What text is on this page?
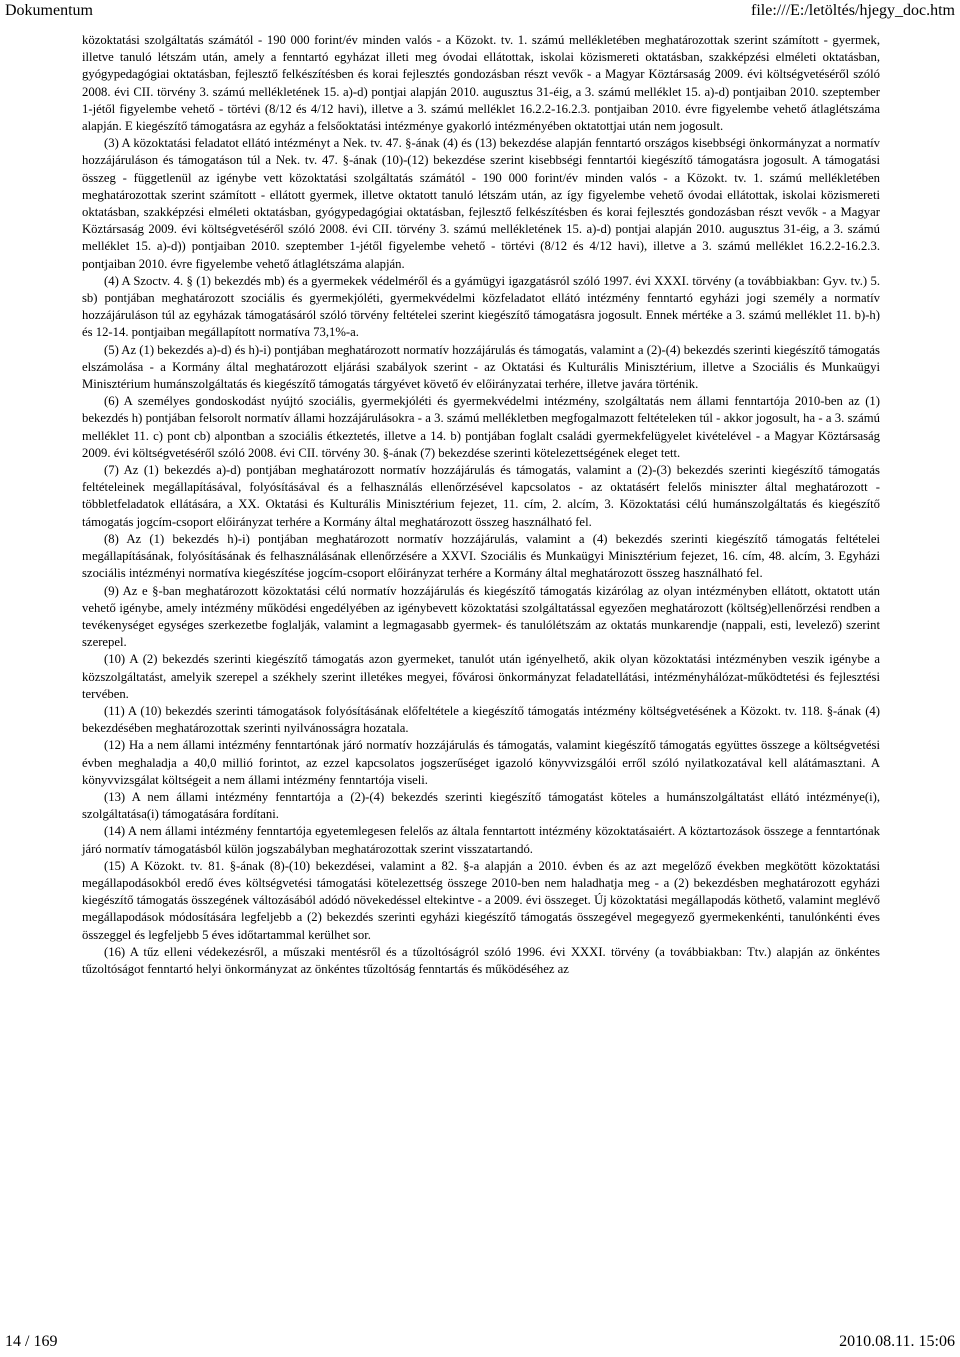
Dokumentum	file:///E:/letöltés/hjegy_doc.htm

közoktatási szolgáltatás számától - 190 000 forint/év minden valós - a Közokt. tv. 1. számú mellékletében meghatározottak szerint számított - gyermek, illetve tanuló létszám után, amely a fenntartó egyházat illeti meg óvodai ellátottak, iskolai közismereti oktatásban, szakképzési elméleti oktatásban, gyógypedagógiai oktatásban, fejlesztő felkészítésben és korai fejlesztés gondozásban részt vevők - a Magyar Köztársaság 2009. évi költségvetéséről szóló 2008. évi CII. törvény 3. számú mellékletének 15. a)-d) pontjai alapján 2010. augusztus 31-éig, a 3. számú melléklet 15. a)-d) pontjaiban 2010. szeptember 1-jétől figyelembe vehető - törtévi (8/12 és 4/12 havi), illetve a 3. számú melléklet 16.2.2-16.2.3. pontjaiban 2010. évre figyelembe vehető átlaglétszáma alapján. E kiegészítő támogatásra az egyház a felsőoktatási intézménye gyakorló intézményében oktatottjai után nem jogosult.

(3) A közoktatási feladatot ellátó intézményt a Nek. tv. 47. §-ának (4) és (13) bekezdése alapján fenntartó országos kisebbségi önkormányzat a normatív hozzájáruláson és támogatáson túl a Nek. tv. 47. §-ának (10)-(12) bekezdése szerint kisebbségi fenntartói kiegészítő támogatásra jogosult. A támogatási összeg - függetlenül az igénybe vett közoktatási szolgáltatás számától - 190 000 forint/év minden valós - a Közokt. tv. 1. számú mellékletében meghatározottak szerint számított - ellátott gyermek, illetve oktatott tanuló létszám után, az így figyelembe vehető óvodai ellátottak, iskolai közismereti oktatásban, szakképzési elméleti oktatásban, gyógypedagógiai oktatásban, fejlesztő felkészítésben és korai fejlesztés gondozásban részt vevők - a Magyar Köztársaság 2009. évi költségvetéséről szóló 2008. évi CII. törvény 3. számú mellékletének 15. a)-d) pontjai alapján 2010. augusztus 31-éig, a 3. számú melléklet 15. a)-d)) pontjaiban 2010. szeptember 1-jétől figyelembe vehető - törtévi (8/12 és 4/12 havi), illetve a 3. számú melléklet 16.2.2-16.2.3. pontjaiban 2010. évre figyelembe vehető átlaglétszáma alapján.

(4) A Szoctv. 4. § (1) bekezdés mb) és a gyermekek védelméről és a gyámügyi igazgatásról szóló 1997. évi XXXI. törvény (a továbbiakban: Gyv. tv.) 5. sb) pontjában meghatározott szociális és gyermekjóléti, gyermekvédelmi közfeladatot ellátó intézmény fenntartó egyházi jogi személy a normatív hozzájáruláson túl az egyházak támogatásáról szóló törvény feltételei szerint kiegészítő támogatásra jogosult. Ennek mértéke a 3. számú melléklet 11. b)-h) és 12-14. pontjaiban megállapított normatíva 73,1%-a.

(5) Az (1) bekezdés a)-d) és h)-i) pontjában meghatározott normatív hozzájárulás és támogatás, valamint a (2)-(4) bekezdés szerinti kiegészítő támogatás elszámolása - a Kormány által meghatározott eljárási szabályok szerint - az Oktatási és Kulturális Minisztérium, illetve a Szociális és Munkaügyi Minisztérium humánszolgáltatás és kiegészítő támogatás tárgyévet követő év előirányzatai terhére, illetve javára történik.

(6) A személyes gondoskodást nyújtó szociális, gyermekjóléti és gyermekvédelmi intézmény, szolgáltatás nem állami fenntartója 2010-ben az (1) bekezdés h) pontjában felsorolt normatív állami hozzájárulásokra - a 3. számú mellékletben megfogalmazott feltételeken túl - akkor jogosult, ha - a 3. számú melléklet 11. c) pont cb) alpontban a szociális étkeztetés, illetve a 14. b) pontjában foglalt családi gyermekfelügyelet kivételével - a Magyar Köztársaság 2009. évi költségvetéséről szóló 2008. évi CII. törvény 30. §-ának (7) bekezdése szerinti kötelezettségének eleget tett.

(7) Az (1) bekezdés a)-d) pontjában meghatározott normatív hozzájárulás és támogatás, valamint a (2)-(3) bekezdés szerinti kiegészítő támogatás feltételeinek megállapításával, folyósításával és a felhasználás ellenőrzésével kapcsolatos - az oktatásért felelős miniszter által meghatározott - többletfeladatok ellátására, a XX. Oktatási és Kulturális Minisztérium fejezet, 11. cím, 2. alcím, 3. Közoktatási célú humánszolgáltatás és kiegészítő támogatás jogcím-csoport előirányzat terhére a Kormány által meghatározott összeg használható fel.

(8) Az (1) bekezdés h)-i) pontjában meghatározott normatív hozzájárulás, valamint a (4) bekezdés szerinti kiegészítő támogatás feltételei megállapításának, folyósításának és felhasználásának ellenőrzésére a XXVI. Szociális és Munkaügyi Minisztérium fejezet, 16. cím, 48. alcím, 3. Egyházi szociális intézményi normatíva kiegészítése jogcím-csoport előirányzat terhére a Kormány által meghatározott összeg használható fel.

(9) Az e §-ban meghatározott közoktatási célú normatív hozzájárulás és kiegészítő támogatás kizárólag az olyan intézményben ellátott, oktatott után vehető igénybe, amely intézmény működési engedélyében az igénybevett közoktatási szolgáltatással egyezően meghatározott (költség)ellenőrzési rendben a tevékenységet egységes szerkezetbe foglalják, valamint a legmagasabb gyermek- és tanulólétszám az oktatás munkarendje (nappali, esti, levelező) szerint szerepel.

(10) A (2) bekezdés szerinti kiegészítő támogatás azon gyermeket, tanulót után igényelhető, akik olyan közoktatási intézményben veszik igénybe a közszolgáltatást, amelyik szerepel a székhely szerint illetékes megyei, fővárosi önkormányzat feladatellátási, intézményhálózat-működtetési és fejlesztési tervében.

(11) A (10) bekezdés szerinti támogatások folyósításának előfeltétele a kiegészítő támogatás intézmény költségvetésének a Közokt. tv. 118. §-ának (4) bekezdésében meghatározottak szerinti nyilvánosságra hozatala.

(12) Ha a nem állami intézmény fenntartónak járó normatív hozzájárulás és támogatás, valamint kiegészítő támogatás együttes összege a költségvetési évben meghaladja a 40,0 millió forintot, az ezzel kapcsolatos jogszerűséget igazoló könyvvizsgálói erről szóló nyilatkozatával kell alátámasztani. A könyvvizsgálat költségeit a nem állami intézmény fenntartója viseli.

(13) A nem állami intézmény fenntartója a (2)-(4) bekezdés szerinti kiegészítő támogatást köteles a humánszolgáltatást ellátó intézménye(i), szolgáltatása(i) támogatására fordítani.

(14) A nem állami intézmény fenntartója egyetemlegesen felelős az általa fenntartott intézmény közoktatásaiért. A köztartozások összege a fenntartónak járó normatív támogatásból külön jogszabályban meghatározottak szerint visszatartandó.

(15) A Közokt. tv. 81. §-ának (8)-(10) bekezdései, valamint a 82. §-a alapján a 2010. évben és az azt megelőző években megkötött közoktatási megállapodásokból eredő éves költségvetési támogatási kötelezettség összege 2010-ben nem haladhatja meg - a (2) bekezdésben meghatározott egyházi kiegészítő támogatás összegének változásából adódó növekedéssel eltekintve - a 2009. évi összeget. Új közoktatási megállapodás köthető, valamint meglévő megállapodások módosítására legfeljebb a (2) bekezdés szerinti egyházi kiegészítő támogatás összegével megegyező gyermekenkénti, tanulónkénti éves összeggel és legfeljebb 5 éves időtartammal kerülhet sor.

(16) A tűz elleni védekezésről, a műszaki mentésről és a tűzoltóságról szóló 1996. évi XXXI. törvény (a továbbiakban: Ttv.) alapján az önkéntes tűzoltóságot fenntartó helyi önkormányzat az önkéntes tűzoltóság fenntartás és működéséhez az

14 / 169	2010.08.11. 15:06
